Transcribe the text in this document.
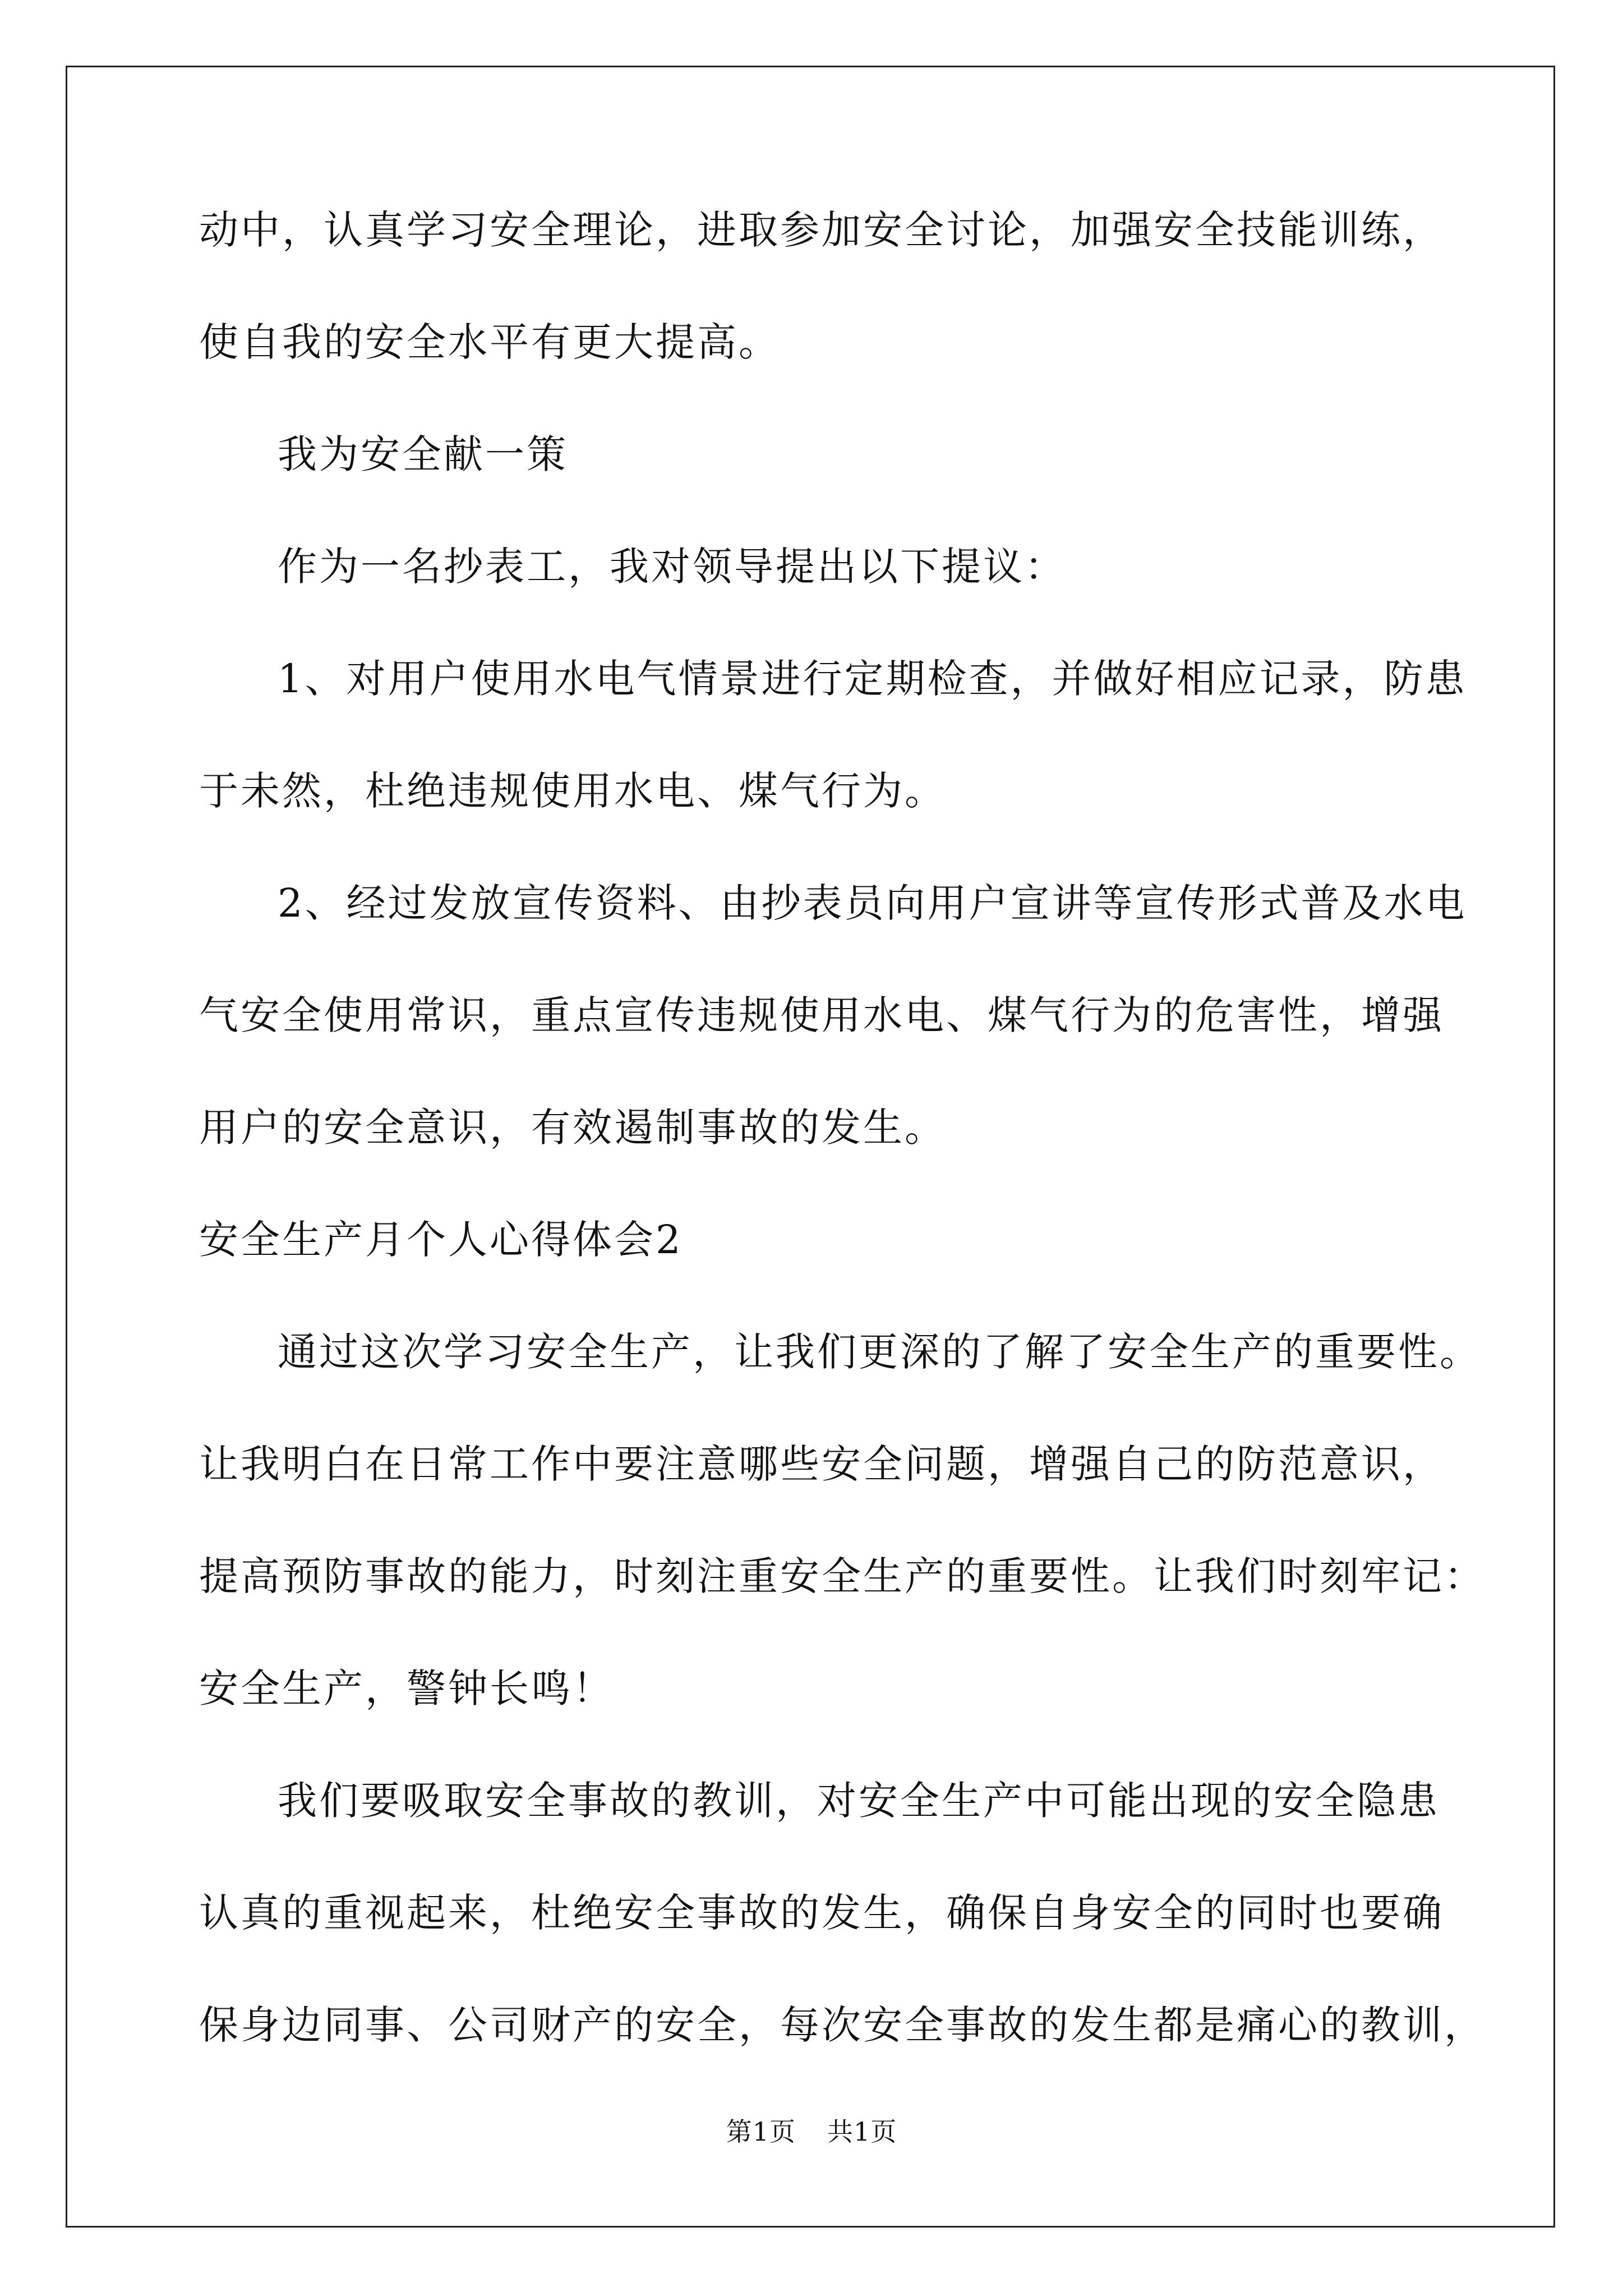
动中，认真学习安全理论，进取参加安全讨论，加强安全技能训练，
使自我的安全水平有更大提高。
我为安全献一策
作为一名抄表工，我对领导提出以下提议：
1、对用户使用水电气情景进行定期检查，并做好相应记录，防患
于未然，杜绝违规使用水电、煤气行为。
2、经过发放宣传资料、由抄表员向用户宣讲等宣传形式普及水电
气安全使用常识，重点宣传违规使用水电、煤气行为的危害性，增强
用户的安全意识，有效遏制事故的发生。
安全生产月个人心得体会2
通过这次学习安全生产，让我们更深的了解了安全生产的重要性。
让我明白在日常工作中要注意哪些安全问题，增强自己的防范意识，
提高预防事故的能力，时刻注重安全生产的重要性。让我们时刻牢记：
安全生产，警钟长鸣！
我们要吸取安全事故的教训，对安全生产中可能出现的安全隐患
认真的重视起来，杜绝安全事故的发生，确保自身安全的同时也要确
保身边同事、公司财产的安全，每次安全事故的发生都是痛心的教训，
第1页 共1页
